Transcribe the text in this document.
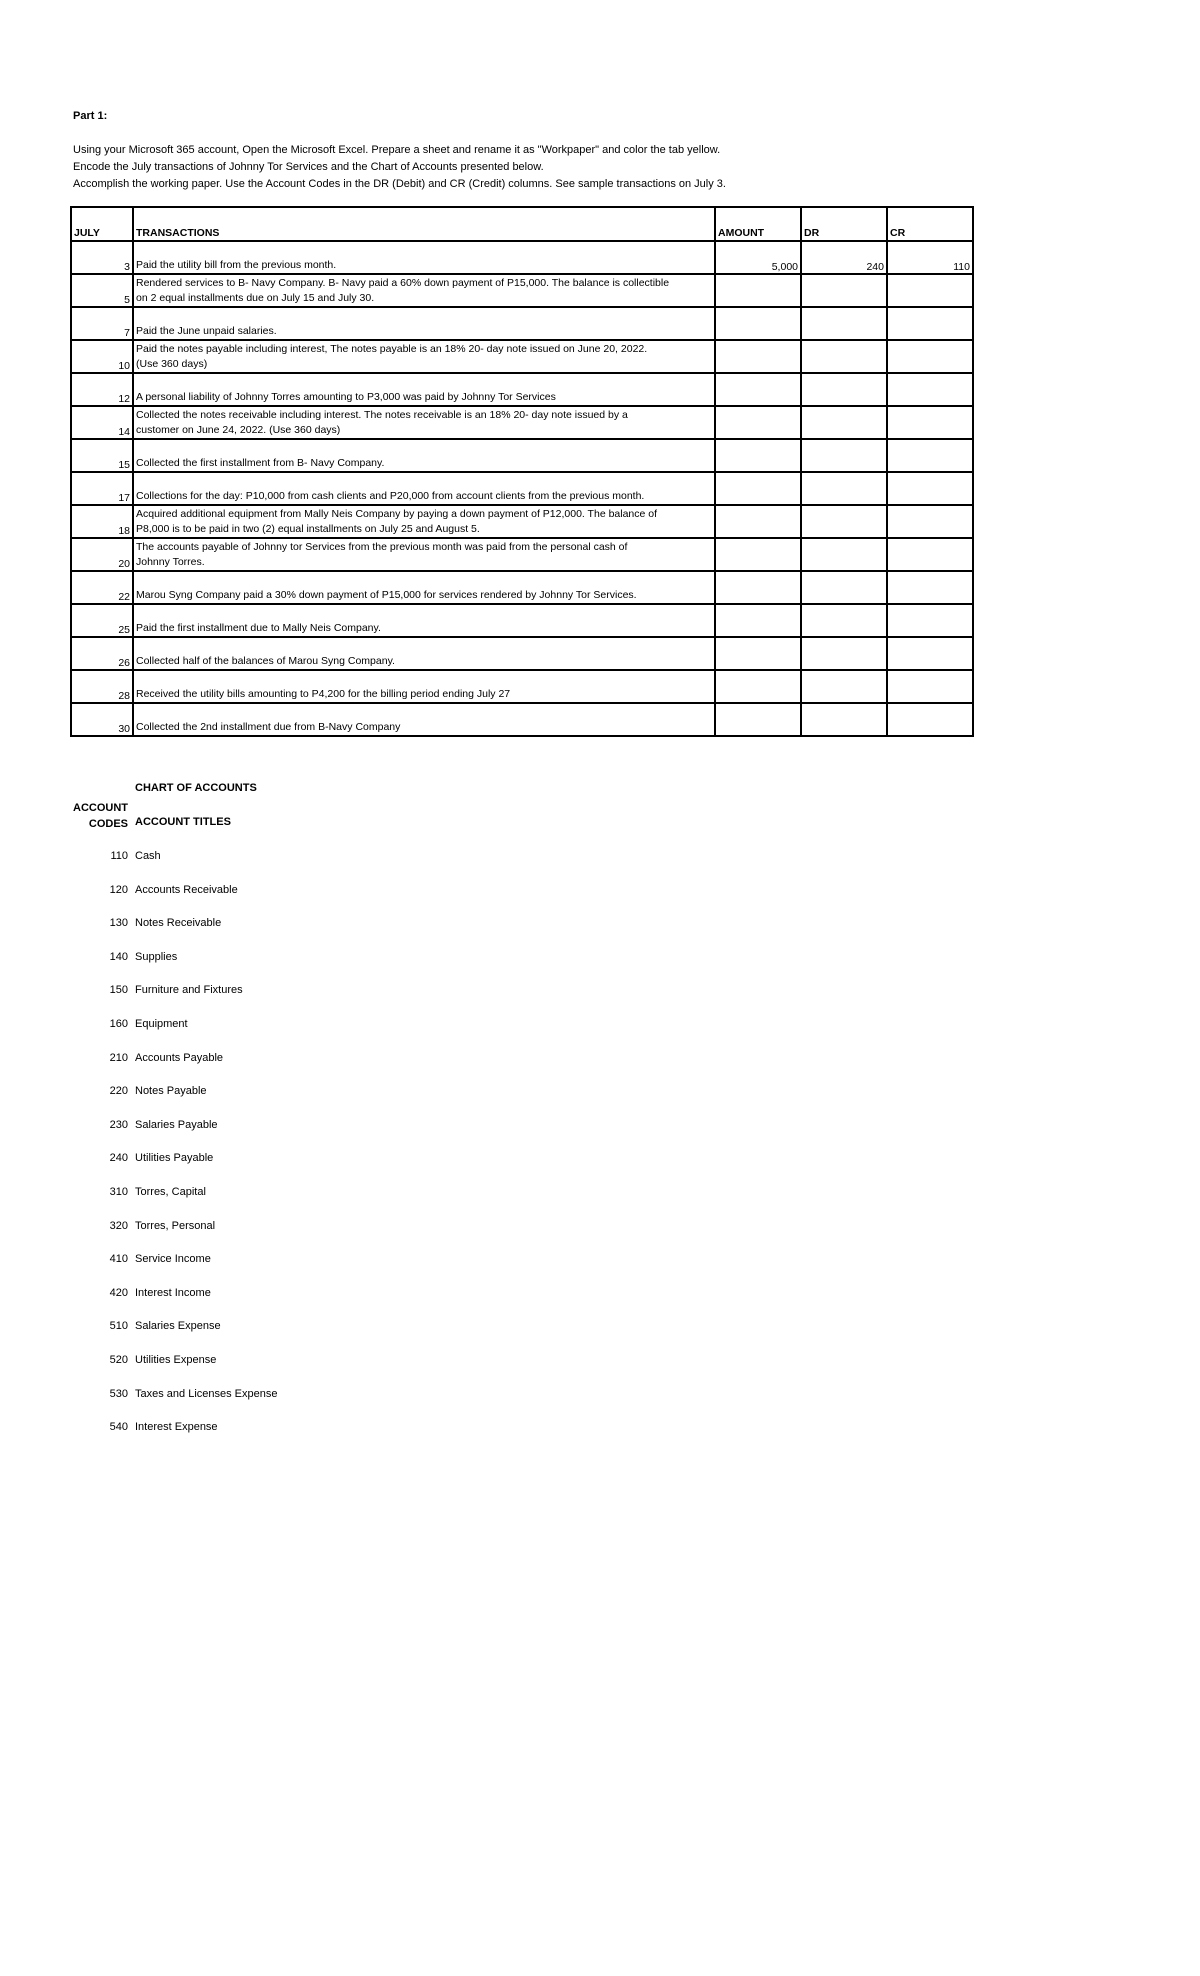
Part 1:
Using your Microsoft 365 account, Open the Microsoft Excel. Prepare a sheet and rename it as "Workpaper" and color the tab yellow.
Encode the July transactions of Johnny Tor Services and the Chart of Accounts presented below.
Accomplish the working paper. Use the Account Codes in the DR (Debit) and CR (Credit) columns. See sample transactions on July 3.
JULY	TRANSACTIONS	AMOUNT	DR	CR
3	Paid the utility bill from the previous month.	5,000	240	110
5	Rendered services to B- Navy Company. B- Navy paid a 60% down payment of P15,000. The balance is collectible
on 2 equal installments due on July 15 and July 30.			

7	Paid the June unpaid salaries.			

10	Paid the notes payable including interest, The notes payable is an 18% 20- day note issued on June 20, 2022.
(Use 360 days)			

12	A personal liability of Johnny Torres amounting to P3,000 was paid by Johnny Tor Services			

14	Collected the notes receivable including interest. The notes receivable is an 18% 20- day note issued by a
customer on June 24, 2022. (Use 360 days)			

15	Collected the first installment from B- Navy Company.			

17	Collections for the day: P10,000 from cash clients and P20,000 from account clients from the previous month.			

18	Acquired additional equipment from Mally Neis Company by paying a down payment of P12,000. The balance of
P8,000 is to be paid in two (2) equal installments on July 25 and August 5.			

20	The accounts payable of Johnny tor Services from the previous month was paid from the personal cash of
Johnny Torres.			

22	Marou Syng Company paid a 30% down payment of P15,000 for services rendered by Johnny Tor Services.			

25	Paid the first installment due to Mally Neis Company.			

26	Collected half of the balances of Marou Syng Company.			

28	Received the utility bills amounting to P4,200 for the billing period ending July 27			

30	Collected the 2nd installment due from B-Navy Company			

CHART OF ACCOUNTS
ACCOUNT
CODES ACCOUNT TITLES
110 Cash
120 Accounts Receivable
130 Notes Receivable
140 Supplies
150 Furniture and Fixtures
160 Equipment
210 Accounts Payable
220 Notes Payable
230 Salaries Payable
240 Utilities Payable
310 Torres, Capital
320 Torres, Personal
410 Service Income
420 Interest Income
510 Salaries Expense
520 Utilities Expense
530 Taxes and Licenses Expense
540 Interest Expense
